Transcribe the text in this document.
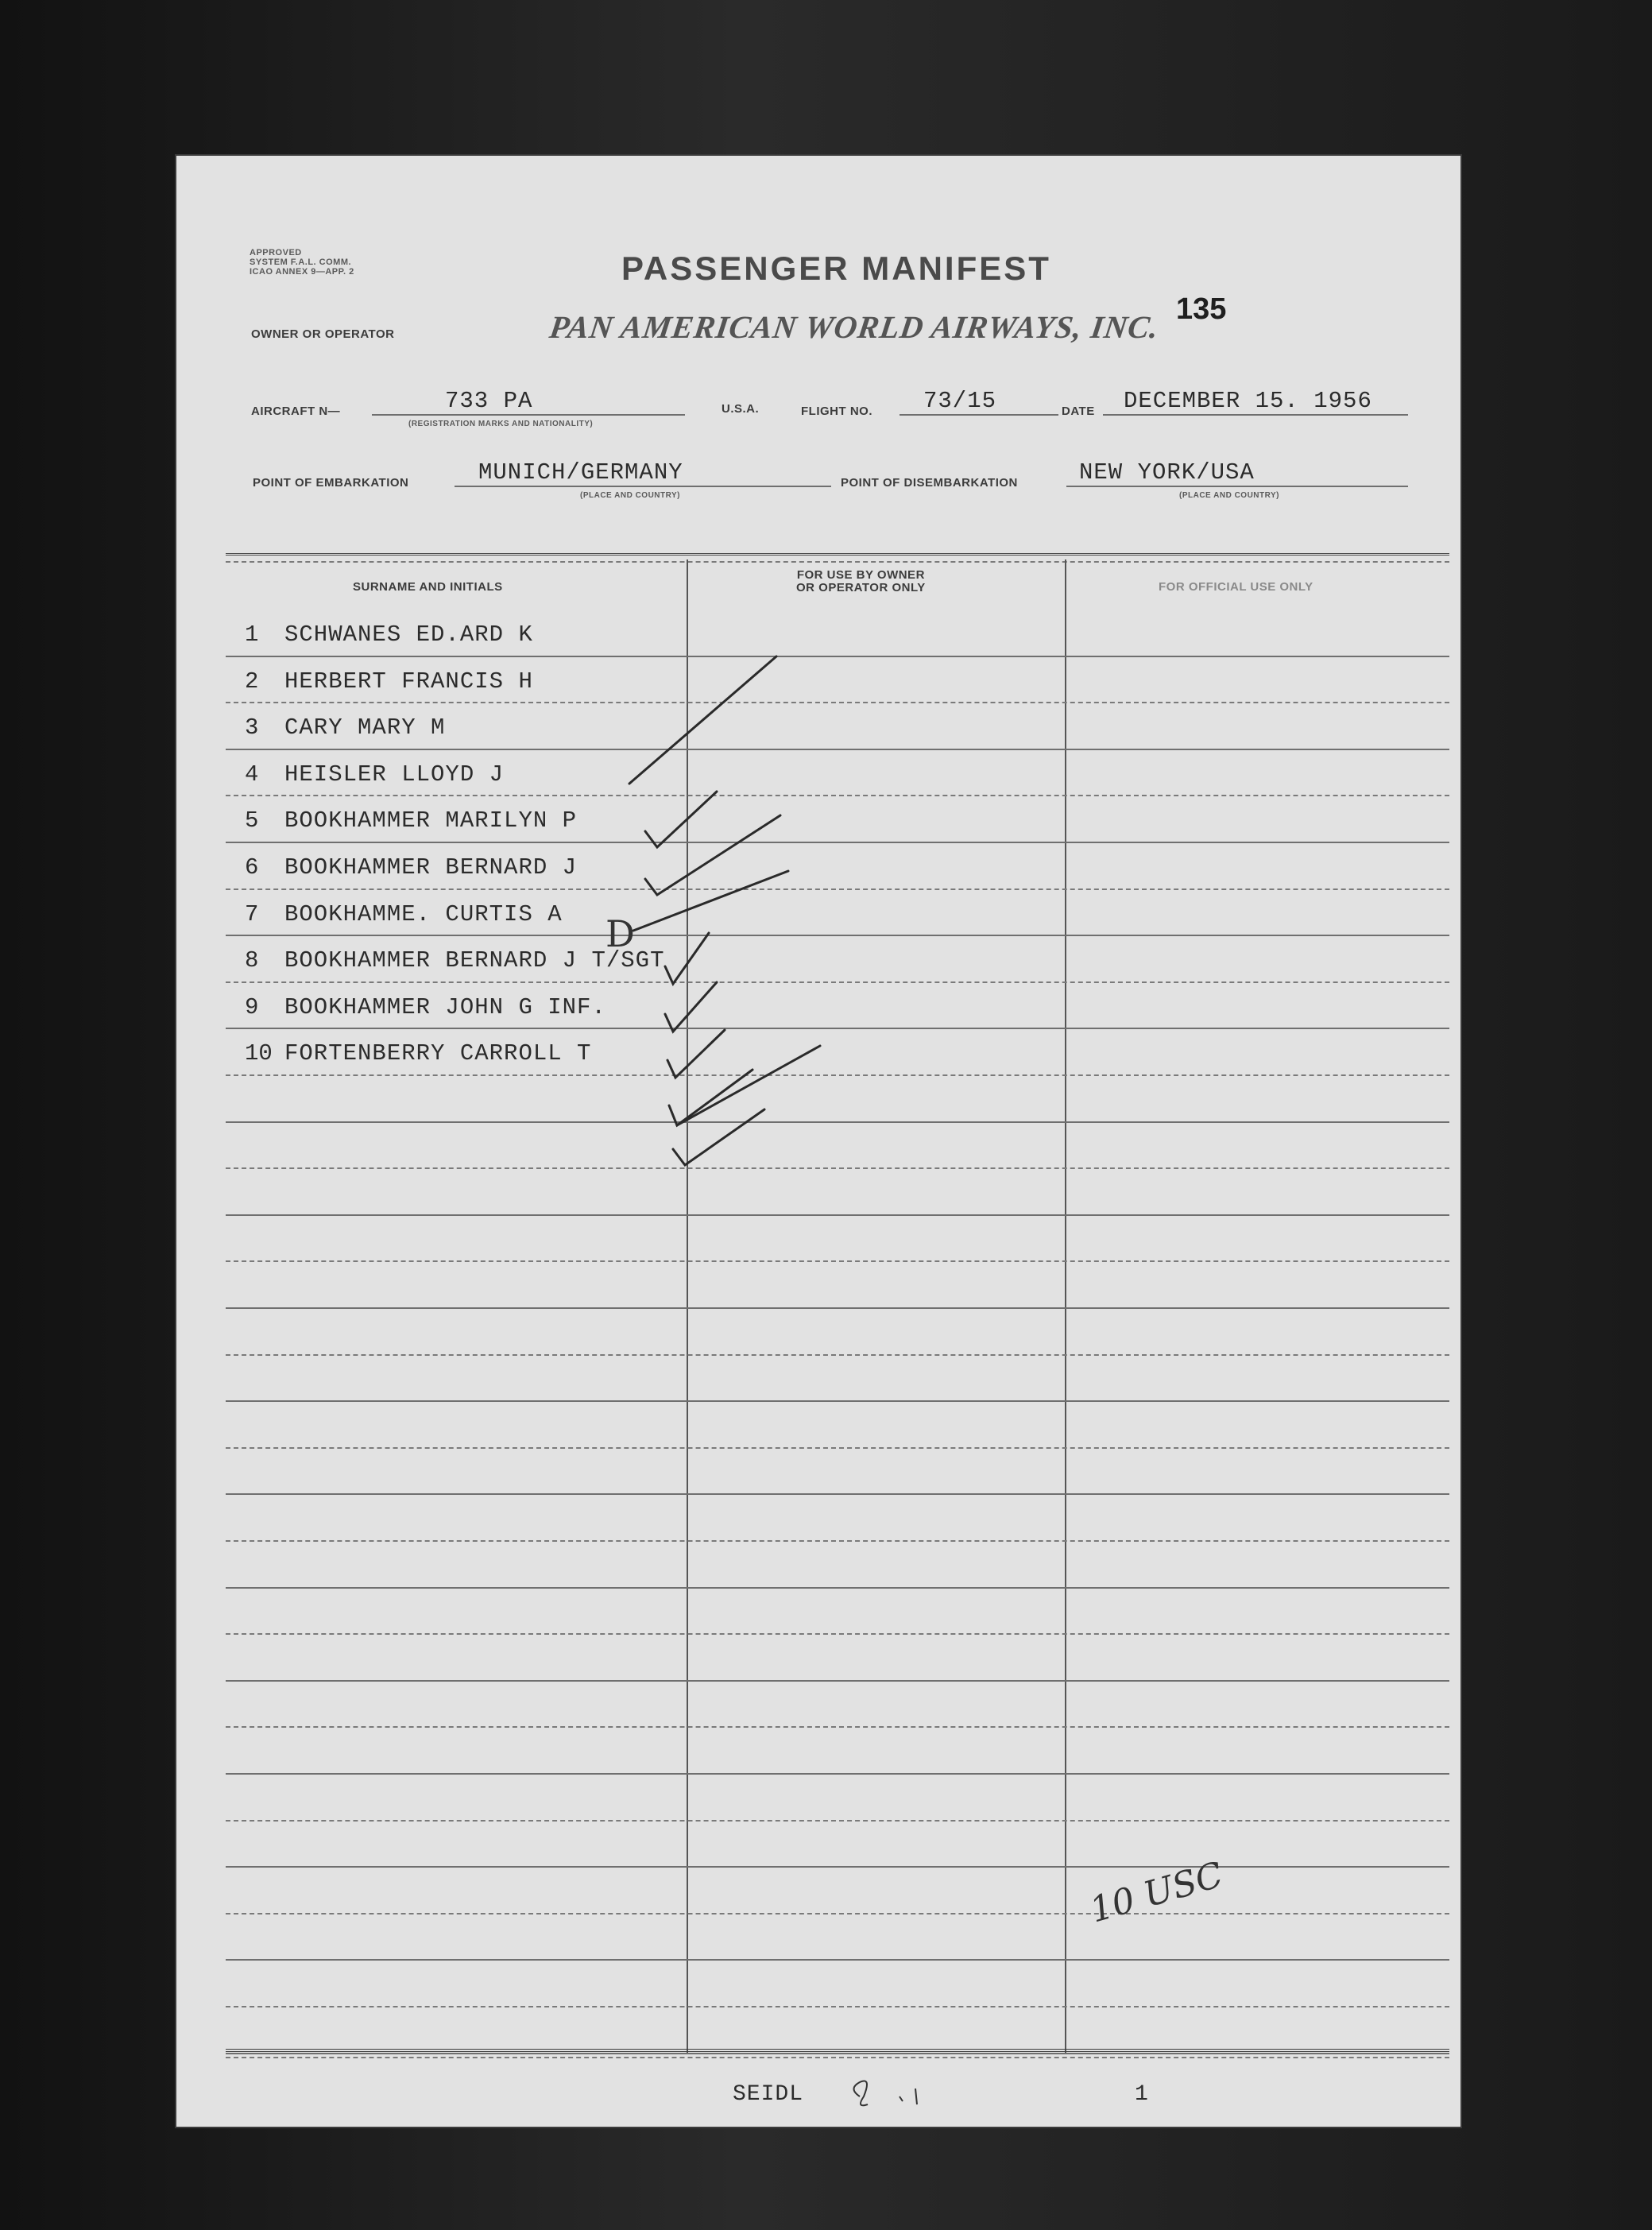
APPROVED
SYSTEM F.A.L. COMM.
ICAO ANNEX 9—APP. 2	PASSENGER MANIFEST
135
OWNER OR OPERATOR	PAN AMERICAN WORLD AIRWAYS, INC.
AIRCRAFT N—	733 PA
(REGISTRATION MARKS AND NATIONALITY)
U.S.A.	FLIGHT NO. 73/15	DATE DECEMBER 15. 1956
POINT OF EMBARKATION	MUNICH/GERMANY
(PLACE AND COUNTRY)
POINT OF DISEMBARKATION	NEW YORK/USA
(PLACE AND COUNTRY)
SURNAME AND INITIALS
FOR USE BY OWNER
OR OPERATOR ONLY	FOR OFFICIAL USE ONLY
1 SCHWANES ED.ARD K
2 HERBERT FRANCIS H
3 CARY MARY M
4 HEISLER LLOYD J
5 BOOKHAMMER MARILYN P
6 BOOKHAMMER BERNARD J
7 BOOKHAMME. CURTIS A
8 BOOKHAMMER BERNARD J T/SGT
9 BOOKHAMMER JOHN G INF.
10 FORTENBERRY CARROLL T
D
10 USC
SEIDL	1
